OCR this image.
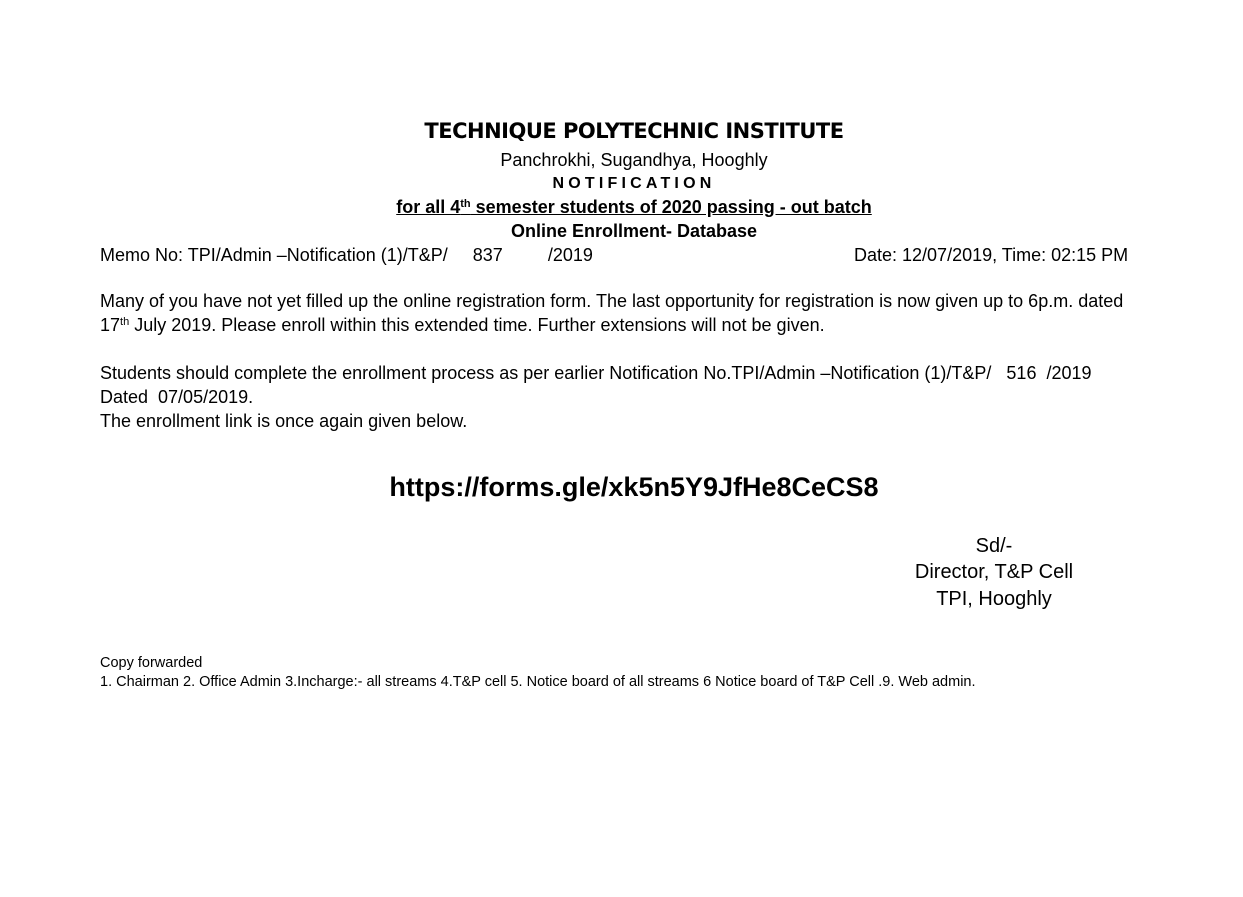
TECHNIQUE POLYTECHNIC INSTITUTE
Panchrokhi, Sugandhya, Hooghly
NOTIFICATION
for all 4th semester students of 2020 passing - out batch
Online Enrollment- Database
Memo No: TPI/Admin –Notification (1)/T&P/     837         /2019	Date: 12/07/2019, Time: 02:15 PM
Many of you have not yet filled up the online registration form. The last opportunity for registration is now given up to 6p.m. dated
17th July 2019. Please enroll within this extended time. Further extensions will not be given.
Students should complete the enrollment process as per earlier Notification No.TPI/Admin –Notification (1)/T&P/   516  /2019
Dated  07/05/2019.
The enrollment link is once again given below.
https://forms.gle/xk5n5Y9JfHe8CeCS8
Sd/-
Director, T&P Cell
TPI, Hooghly
Copy forwarded
1. Chairman 2. Office Admin 3.Incharge:- all streams 4.T&P cell 5. Notice board of all streams 6 Notice board of T&P Cell .9. Web admin.
